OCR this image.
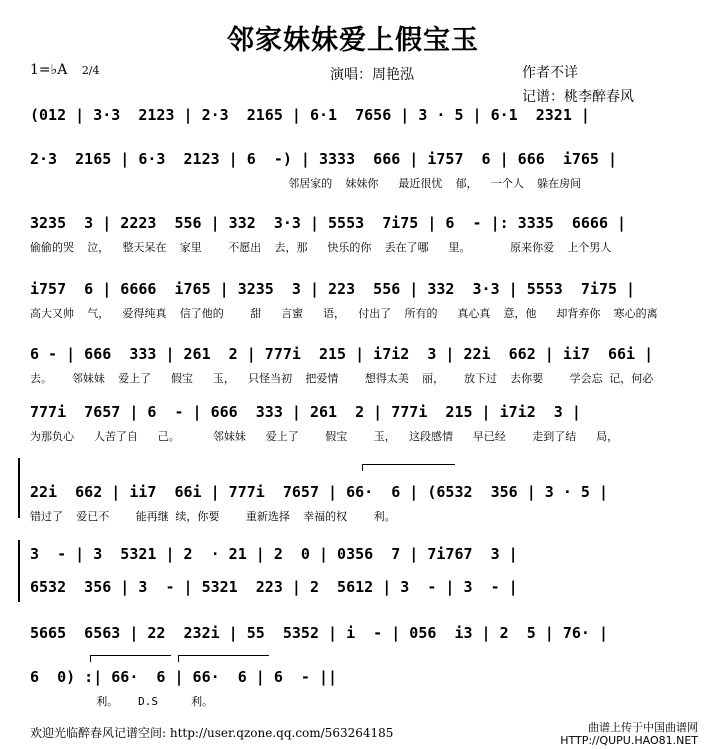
邻家妹妹爱上假宝玉
1=♭A 2/4	演唱：周艳泓	作者不详
记谱：桃李醉春风
(012 | 3·3  2123 | 2·3  2165 | 6·1  7656 | 3 · 5 | 6·1  2321 |
2·3  2165 | 6·3  2123 | 6  -) | 3333  666 | i757  6 | 666  i765 |
邻居家的  妹妹你   最近很忧  郁，  一个人  躲在房间
3235  3 | 2223  556 | 332  3·3 | 5553  7i75 | 6  - |: 3335  6666 |
偷偷的哭  泣，  整天呆在  家里    不愿出  去，那   快乐的你  丢在了哪   里。      原来你爱  上个男人
i757  6 | 6666  i765 | 3235  3 | 223  556 | 332  3·3 | 5553  7i75 |
高大又帅  气，  爱得纯真  信了他的    甜   言蜜   语，  付出了  所有的   真心真  意，他   却背弃你  寒心的离
6 - | 666  333 | 261  2 | 777i  215 | i7i2  3 | 22i  662 | ii7  66i |
去。   邻妹妹  爱上了   假宝   玉，  只怪当初  把爱情    想得太美  丽，   放下过  去你要    学会忘 记，何必
777i  7657 | 6  - | 666  333 | 261  2 | 777i  215 | i7i2  3 |
为那负心   人苦了自   己。     邻妹妹   爱上了    假宝    玉，  这段感情   早已经    走到了结   局，
22i  662 | ii7  66i | 777i  7657 | 66·  6 | (6532  356 | 3 · 5 |
错过了  爱已不    能再继 续，你要    重新选择  幸福的权    利。
3  - | 3  5321 | 2  · 21 | 2  0 | 0356  7 | 7i767  3 |
6532  356 | 3  - | 5321  223 | 2  5612 | 3  - | 3  - |
5665  6563 | 22  232i | 55  5352 | i  - | 056  i3 | 2  5 | 76· |
6  0) :| 66·  6 | 66·  6 | 6  - ||
利。   D.S     利。
欢迎光临醉春风记谱空间: http://user.qzone.qq.com/563264185	曲谱上传于中国曲谱网
HTTP://QUPU.HAO81.NET
